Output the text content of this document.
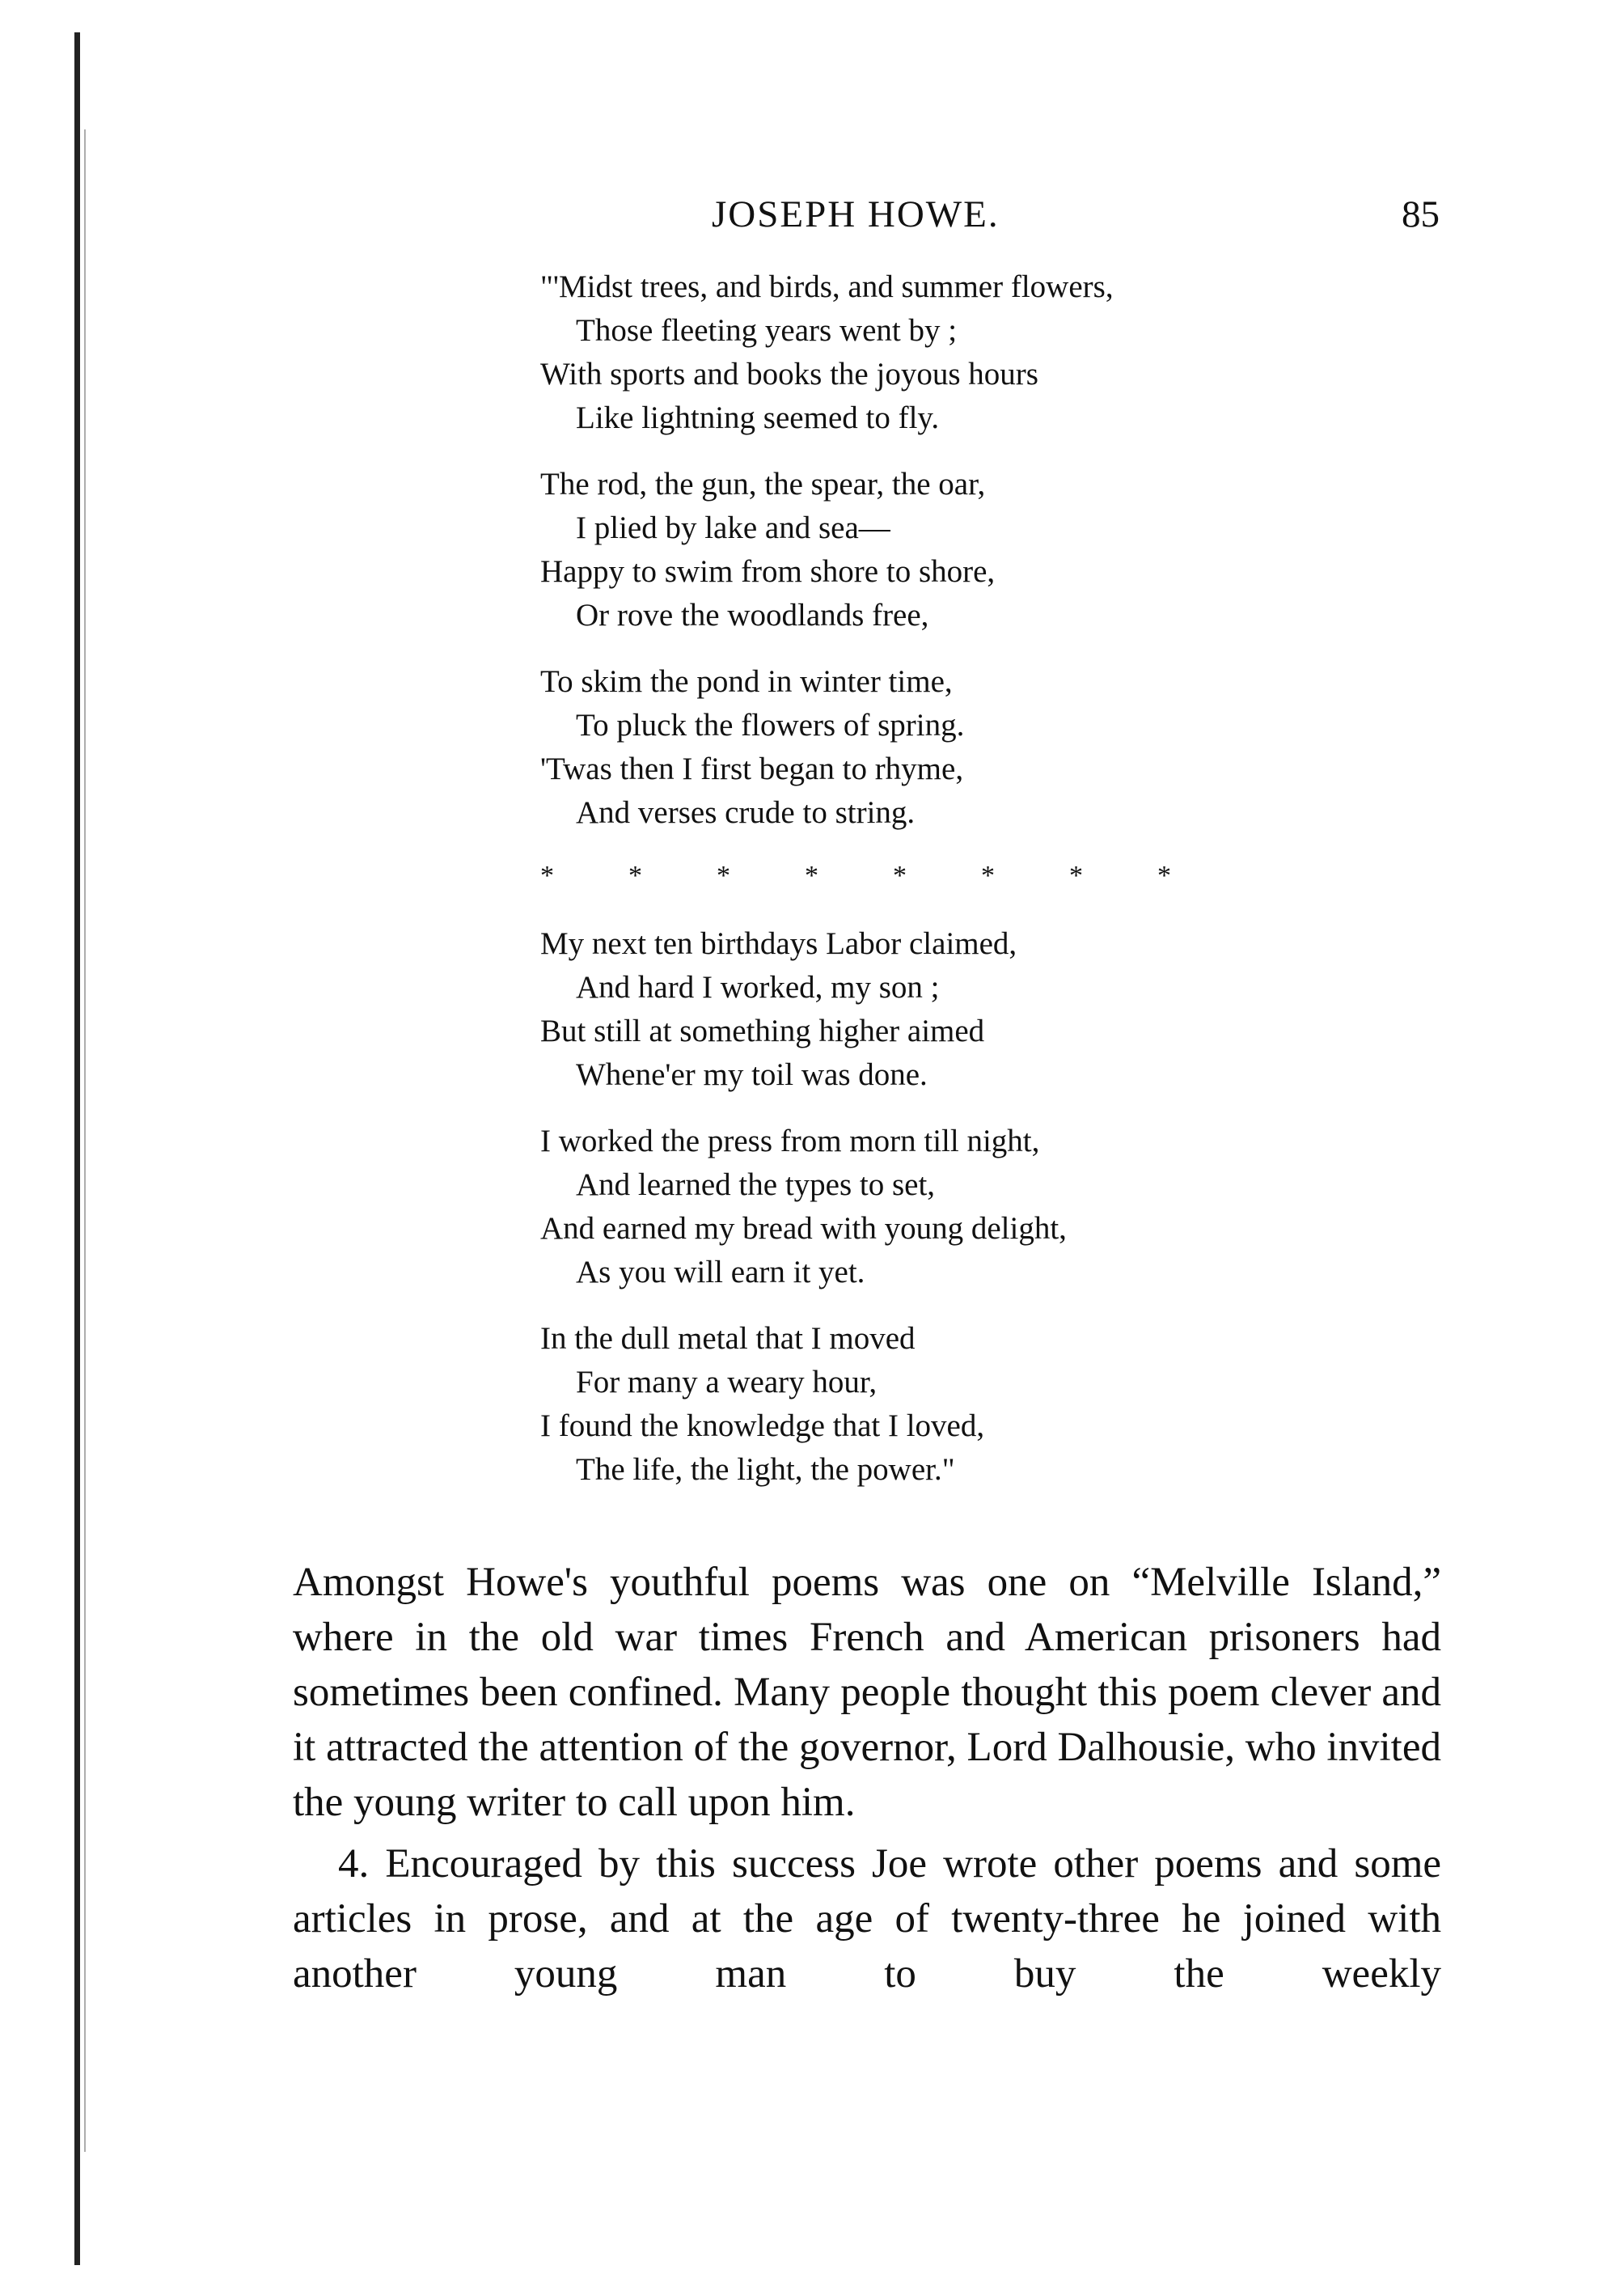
JOSEPH HOWE.	85
"'Midst trees, and birds, and summer flowers,
Those fleeting years went by ;
With sports and books the joyous hours
Like lightning seemed to fly.
The rod, the gun, the spear, the oar,
I plied by lake and sea—
Happy to swim from shore to shore,
Or rove the woodlands free,
To skim the pond in winter time,
To pluck the flowers of spring.
'Twas then I first began to rhyme,
And verses crude to string.
*	*	*	*	*	*	*	*
My next ten birthdays Labor claimed,
And hard I worked, my son ;
But still at something higher aimed
Whene'er my toil was done.
I worked the press from morn till night,
And learned the types to set,
And earned my bread with young delight,
As you will earn it yet.
In the dull metal that I moved
For many a weary hour,
I found the knowledge that I loved,
The life, the light, the power."

Amongst Howe's youthful poems was one on “Melville Island,” where in the old war times French and American prisoners had sometimes been confined. Many people thought this poem clever and it attracted the attention of the governor, Lord Dalhousie, who invited the young writer to call upon him.

4. Encouraged by this success Joe wrote other poems and some articles in prose, and at the age of twenty-three he joined with another young man to buy the weekly
